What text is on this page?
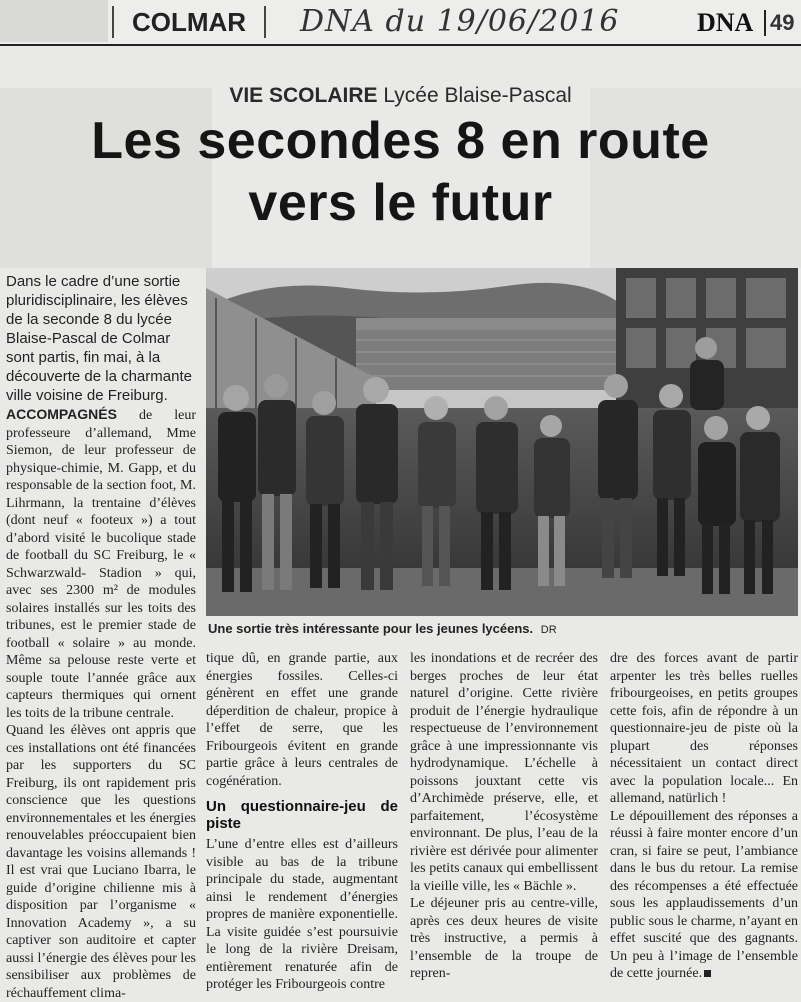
COLMAR	DNA du 19/06/2016	DNA 49
VIE SCOLAIRE Lycée Blaise-Pascal
Les secondes 8 en route
vers le futur
Dans le cadre d’une sortie pluridisciplinaire, les élèves de la seconde 8 du lycée Blaise-Pascal de Colmar sont partis, fin mai, à la découverte de la charmante ville voisine de Freiburg.
Une sortie très intéressante pour les jeunes lycéens. DR

ACCOMPAGNÉS de leur professeure d’allemand, Mme Siemon, de leur professeur de physique-chimie, M. Gapp, et du responsable de la section foot, M. Lihrmann, la trentaine d’élèves (dont neuf « footeux ») a tout d’abord visité le bucolique stade de football du SC Freiburg, le « Schwarzwald- Stadion » qui, avec ses 2300 m² de modules solaires installés sur les toits des tribunes, est le premier stade de football « solaire » au monde. Même sa pelouse reste verte et souple toute l’année grâce aux capteurs thermiques qui ornent les toits de la tribune centrale.

Quand les élèves ont appris que ces installations ont été financées par les supporters du SC Freiburg, ils ont rapidement pris conscience que les questions environnementales et les énergies renouvelables préoccupaient bien davantage les voisins allemands ! Il est vrai que Luciano Ibarra, le guide d’origine chilienne mis à disposition par l’organisme « Innovation Academy », a su captiver son auditoire et capter aussi l’énergie des élèves pour les sensibiliser aux problèmes de réchauffement clima-

tique dû, en grande partie, aux énergies fossiles. Celles-ci génèrent en effet une grande déperdition de chaleur, propice à l’effet de serre, que les Fribourgeois évitent en grande partie grâce à leurs centrales de cogénération.

Un questionnaire-jeu de piste

L’une d’entre elles est d’ailleurs visible au bas de la tribune principale du stade, augmentant ainsi le rendement d’énergies propres de manière exponentielle. La visite guidée s’est poursuivie le long de la rivière Dreisam, entièrement renaturée afin de protéger les Fribourgeois contre

les inondations et de recréer des berges proches de leur état naturel d’origine. Cette rivière produit de l’énergie hydraulique respectueuse de l’environnement grâce à une impressionnante vis hydrodynamique. L’échelle à poissons jouxtant cette vis d’Archimède préserve, elle, et parfaitement, l’écosystème environnant. De plus, l’eau de la rivière est dérivée pour alimenter les petits canaux qui embellissent la vieille ville, les « Bächle ».

Le déjeuner pris au centre-ville, après ces deux heures de visite très instructive, a permis à l’ensemble de la troupe de repren-

dre des forces avant de partir arpenter les très belles ruelles fribourgeoises, en petits groupes cette fois, afin de répondre à un questionnaire-jeu de piste où la plupart des réponses nécessitaient un contact direct avec la population locale... En allemand, natürlich !

Le dépouillement des réponses a réussi à faire monter encore d’un cran, si faire se peut, l’ambiance dans le bus du retour. La remise des récompenses a été effectuée sous les applaudissements d’un public sous le charme, n’ayant en effet suscité que des gagnants. Un peu à l’image de l’ensemble de cette journée.
